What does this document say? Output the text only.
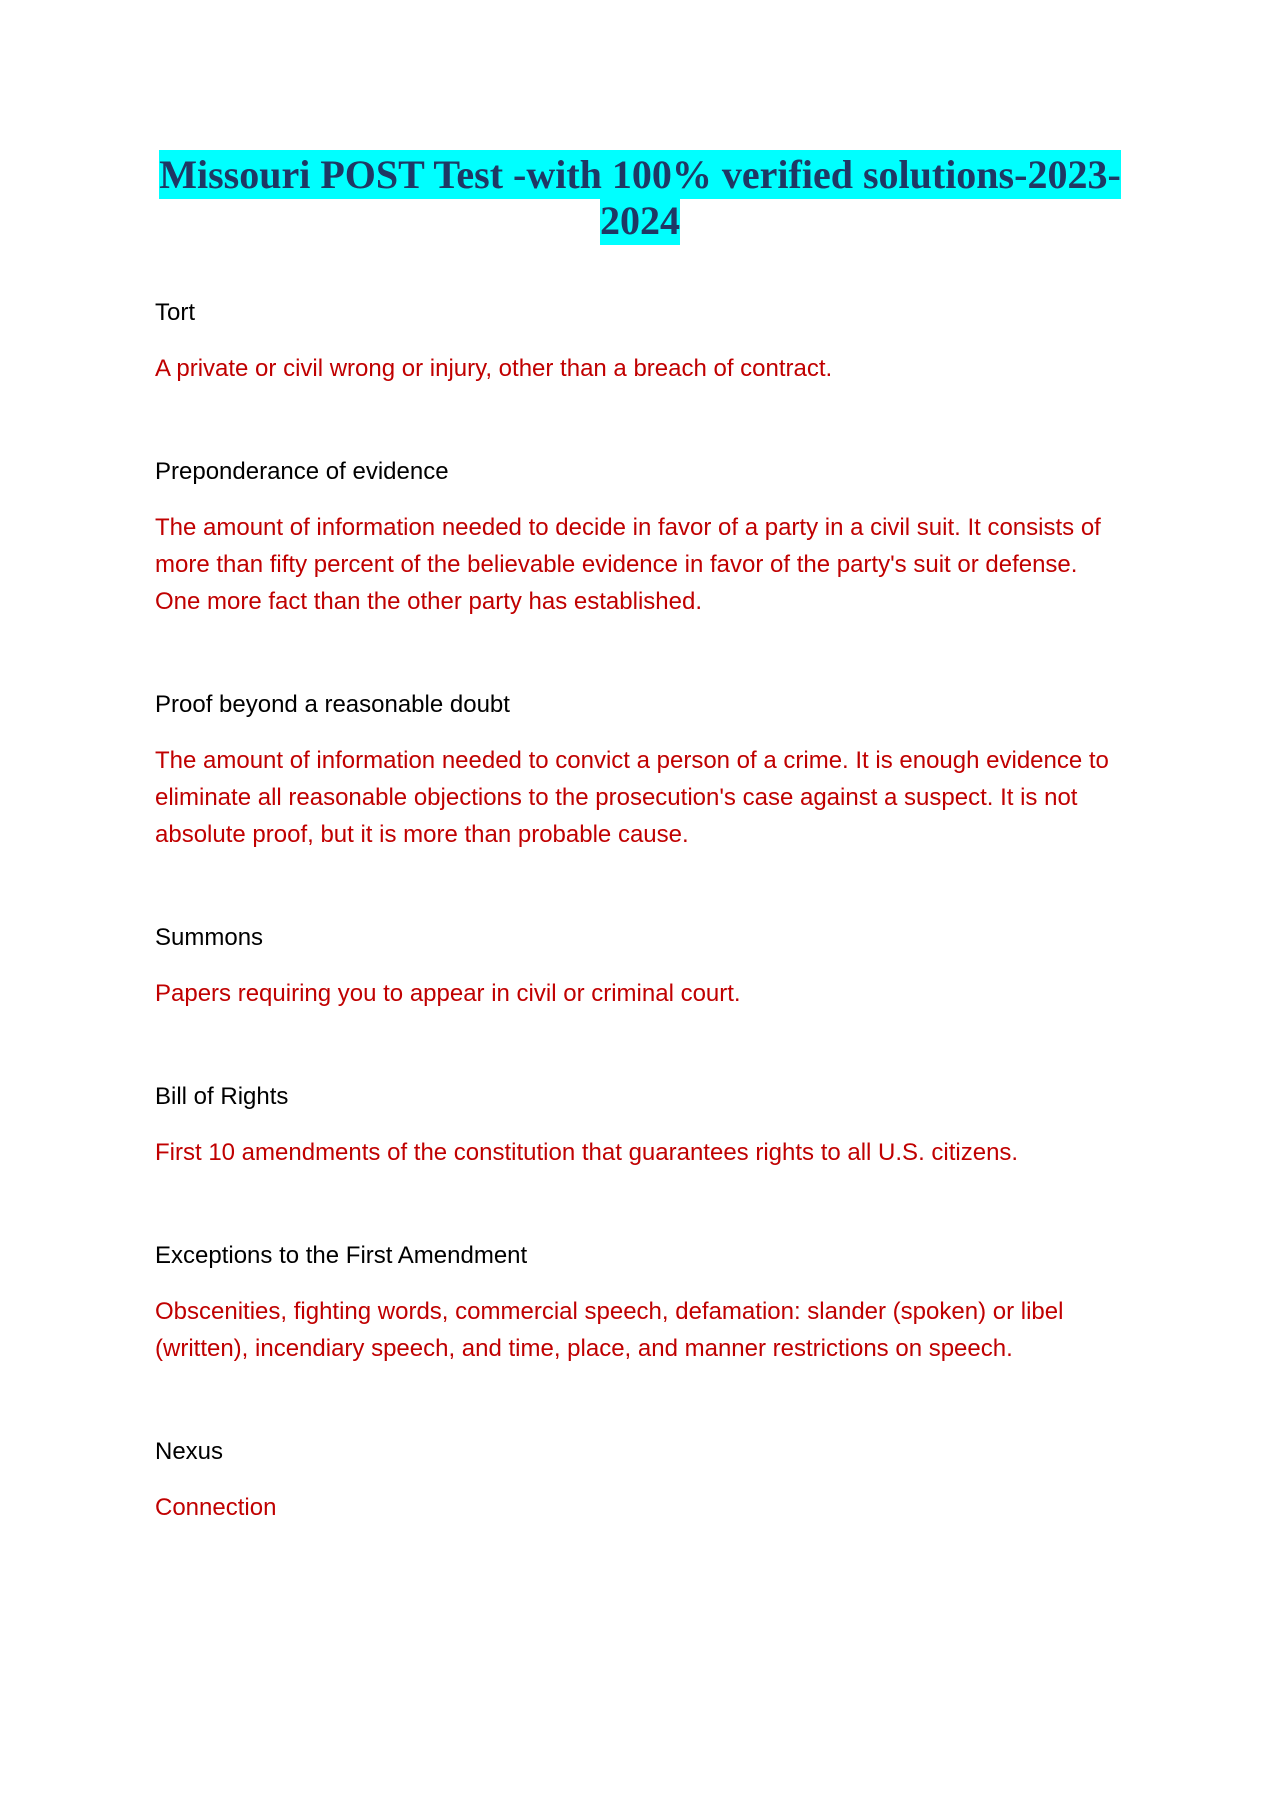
Missouri POST Test -with 100% verified solutions-2023-2024

Tort

A private or civil wrong or injury, other than a breach of contract.

Preponderance of evidence

The amount of information needed to decide in favor of a party in a civil suit. It consists of more than fifty percent of the believable evidence in favor of the party's suit or defense. One more fact than the other party has established.

Proof beyond a reasonable doubt

The amount of information needed to convict a person of a crime. It is enough evidence to eliminate all reasonable objections to the prosecution's case against a suspect. It is not absolute proof, but it is more than probable cause.

Summons

Papers requiring you to appear in civil or criminal court.

Bill of Rights

First 10 amendments of the constitution that guarantees rights to all U.S. citizens.

Exceptions to the First Amendment

Obscenities, fighting words, commercial speech, defamation: slander (spoken) or libel (written), incendiary speech, and time, place, and manner restrictions on speech.

Nexus

Connection
